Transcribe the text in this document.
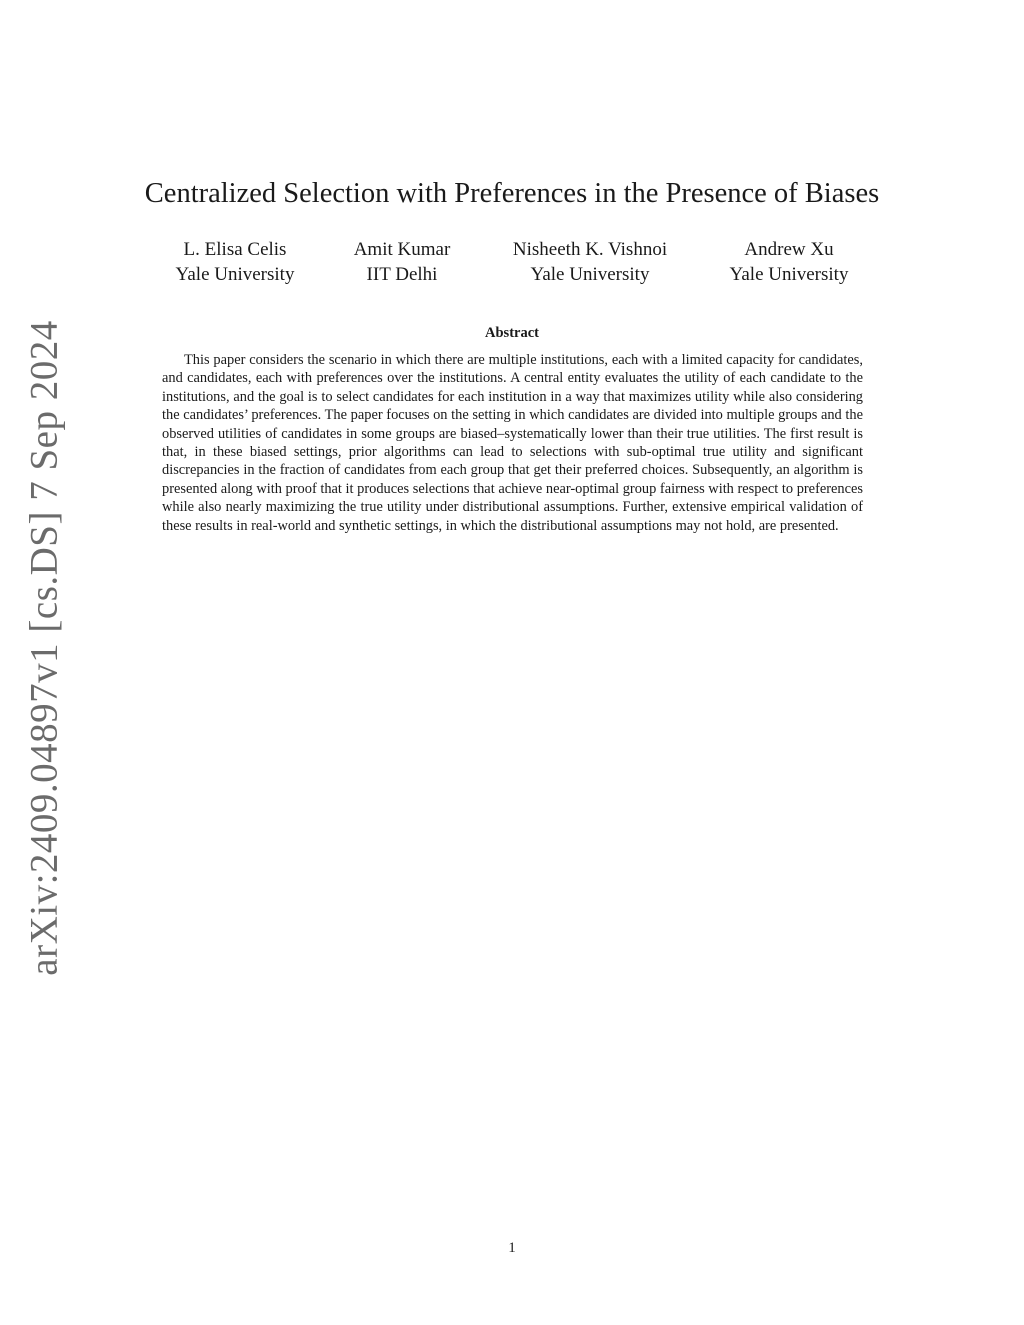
arXiv:2409.04897v1 [cs.DS] 7 Sep 2024
Centralized Selection with Preferences in the Presence of Biases
L. Elisa Celis
Yale University
Amit Kumar
IIT Delhi
Nisheeth K. Vishnoi
Yale University
Andrew Xu
Yale University
Abstract

This paper considers the scenario in which there are multiple institutions, each with a limited capacity for candidates, and candidates, each with preferences over the institutions. A central entity evaluates the utility of each candidate to the institutions, and the goal is to select candidates for each institution in a way that maximizes utility while also considering the candidates’ preferences. The paper focuses on the setting in which candidates are divided into multiple groups and the observed utilities of candidates in some groups are biased–systematically lower than their true utilities. The first result is that, in these biased settings, prior algorithms can lead to selections with sub-optimal true utility and significant discrepancies in the fraction of candidates from each group that get their preferred choices. Subsequently, an algorithm is presented along with proof that it produces selections that achieve near-optimal group fairness with respect to preferences while also nearly maximizing the true utility under distributional assumptions. Further, extensive empirical validation of these results in real-world and synthetic settings, in which the distributional assumptions may not hold, are presented.

1
